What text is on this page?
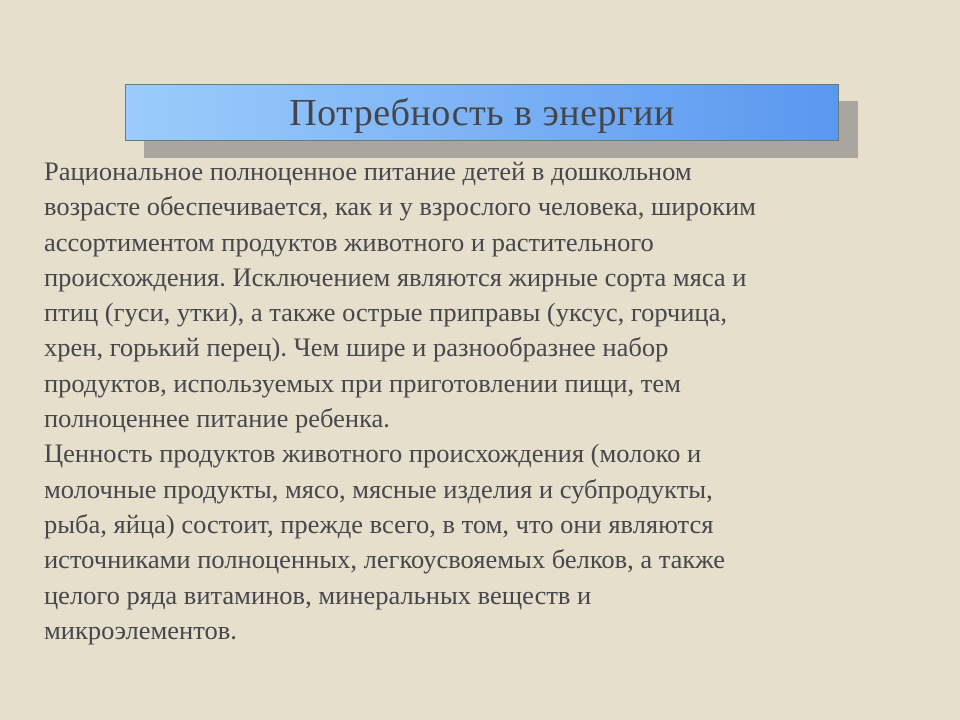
Потребность в энергии

Рациональное полноценное питание детей в дошкольном

возрасте обеспечивается, как и у взрослого человека, широким

ассортиментом продуктов животного и растительного

происхождения. Исключением являются жирные сорта мяса и

птиц (гуси, утки), а также острые приправы (уксус, горчица,

хрен, горький перец). Чем шире и разнообразнее набор

продуктов, используемых при приготовлении пищи, тем

полноценнее питание ребенка.

Ценность продуктов животного происхождения (молоко и

молочные продукты, мясо, мясные изделия и субпродукты,

рыба, яйца) состоит, прежде всего, в том, что они являются

источниками полноценных, легкоусвояемых белков, а также

целого ряда витаминов, минеральных веществ и

микроэлементов.
